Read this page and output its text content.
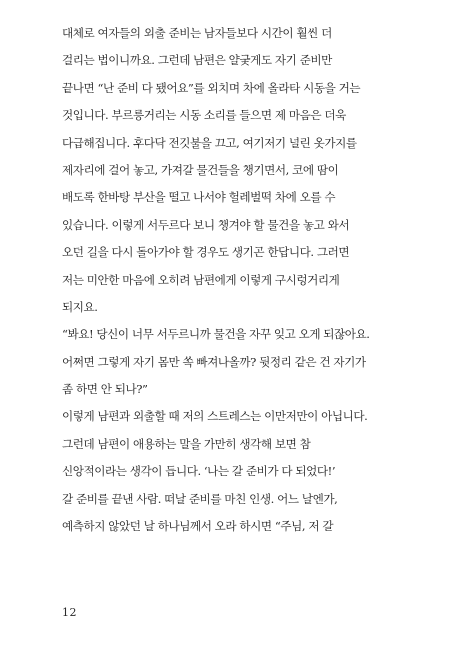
대체로 여자들의 외출 준비는 남자들보다 시간이 훨씬 더
걸리는 법이니까요. 그런데 남편은 얄궂게도 자기 준비만
끝나면 “난 준비 다 됐어요”를 외치며 차에 올라타 시동을 거는
것입니다. 부르릉거리는 시동 소리를 들으면 제 마음은 더욱
다급해집니다. 후다닥 전깃불을 끄고, 여기저기 널린 옷가지를
제자리에 걸어 놓고, 가져갈 물건들을 챙기면서, 코에 땀이
배도록 한바탕 부산을 떨고 나서야 헐레벌떡 차에 오를 수
있습니다. 이렇게 서두르다 보니 챙겨야 할 물건을 놓고 와서
오던 길을 다시 돌아가야 할 경우도 생기곤 한답니다. 그러면
저는 미안한 마음에 오히려 남편에게 이렇게 구시렁거리게
되지요.
“봐요! 당신이 너무 서두르니까 물건을 자꾸 잊고 오게 되잖아요.
어쩌면 그렇게 자기 몸만 쏙 빠져나올까? 뒷정리 같은 건 자기가
좀 하면 안 되나?”
이렇게 남편과 외출할 때 저의 스트레스는 이만저만이 아닙니다.
그런데 남편이 애용하는 말을 가만히 생각해 보면 참
신앙적이라는 생각이 듭니다. ‘나는 갈 준비가 다 되었다!’
갈 준비를 끝낸 사람. 떠날 준비를 마친 인생. 어느 날엔가,
예측하지 않았던 날 하나님께서 오라 하시면 “주님, 저 갈
12
